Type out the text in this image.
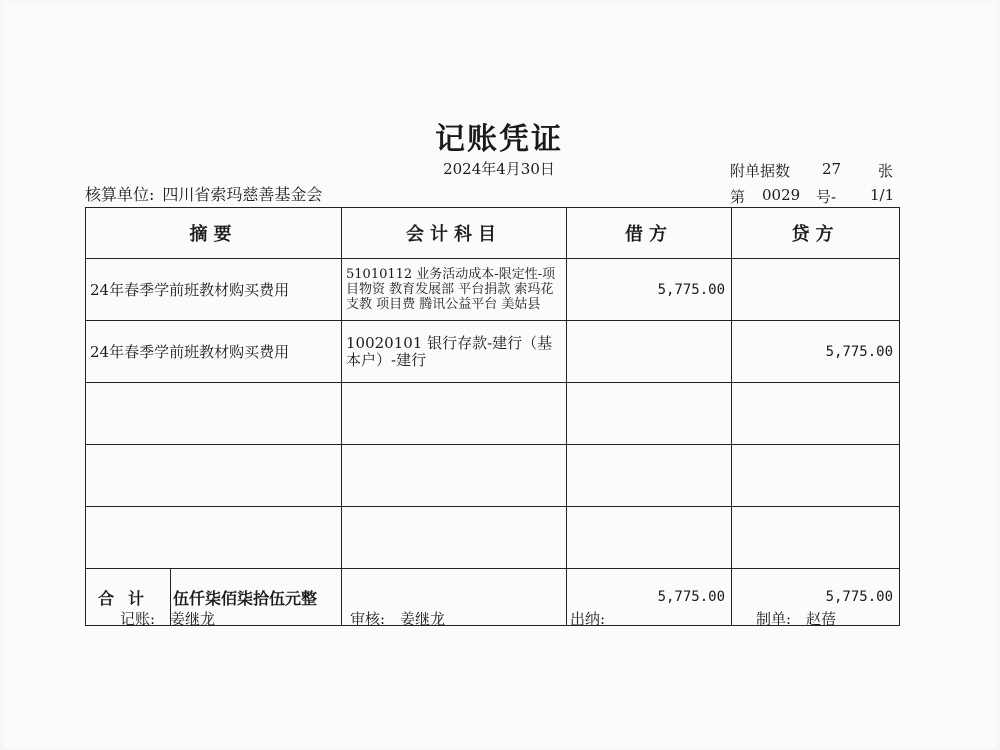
记账凭证
2024年4月30日	附单据数 27 张
核算单位: 四川省索玛慈善基金会	第 0029 号- 1/1
摘要	会计科目	借方	贷方
24年春季学前班教材购买费用	51010112 业务活动成本-限定性-项目物资 教育发展部 平台捐款 索玛花支教 项目费 腾讯公益平台 美姑县	5,775.00	
24年春季学前班教材购买费用	10020101 银行存款-建行（基本户）-建行		5,775.00

合计 伍仟柒佰柒拾伍元整		5,775.00	5,775.00
记账:　姜继龙	审核:　姜继龙	出纳:	制单:　赵蓓
